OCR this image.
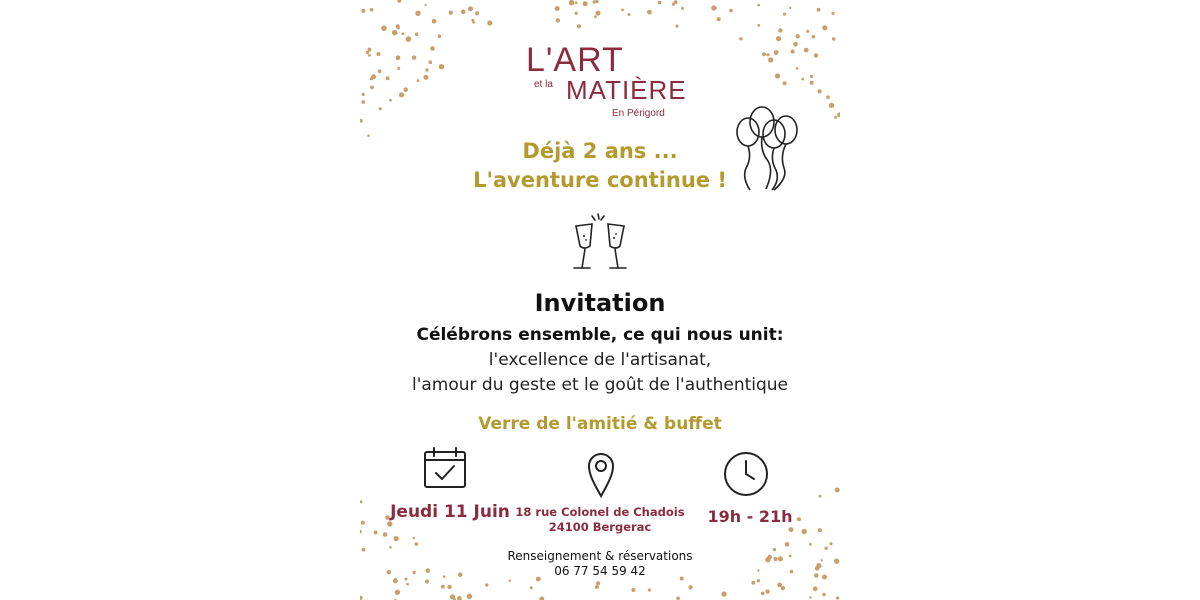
L'ART
et la MATIÈRE
En Périgord
Déjà 2 ans ...
L'aventure continue !
Invitation
Célébrons ensemble, ce qui nous unit:
l'excellence de l'artisanat,
l'amour du geste et le goût de l'authentique
Verre de l'amitié & buffet
Jeudi 11 Juin 18 rue Colonel de Chadois
24100 Bergerac
19h - 21h
Renseignement & réservations
06 77 54 59 42
